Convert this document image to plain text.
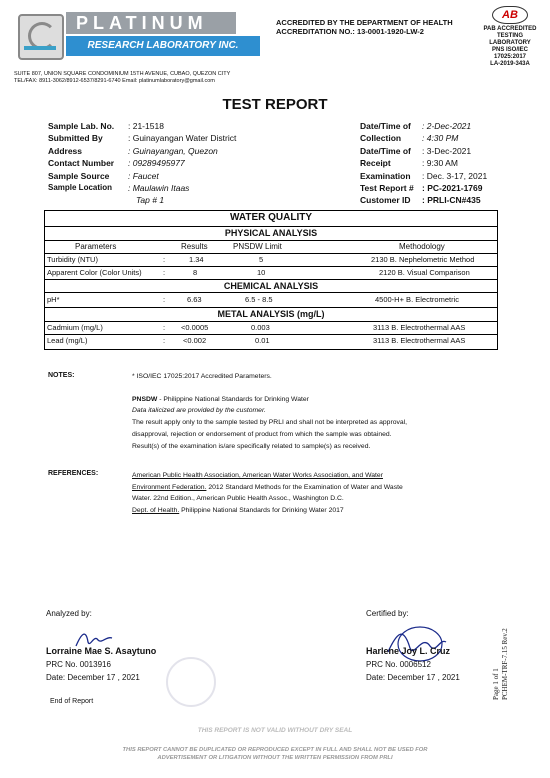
PLATINUM
RESEARCH LABORATORY INC.
ACCREDITED BY THE DEPARTMENT OF HEALTH
ACCREDITATION NO.: 13-0001-1920-LW-2
AB
PAB ACCREDITED
TESTING
LABORATORY
PNS ISO/IEC
17025:2017
LA-2019-343A
SUITE 807, UNION SQUARE CONDOMINIUM 15TH AVENUE, CUBAO, QUEZON CITY
TEL/FAX: 8911-3062/8912-6537/8291-6740 Email: platinumlaboratory@gmail.com
TEST REPORT
Sample Lab. No. : 21-1518
Submitted By	: Guinayangan Water District
Address	: Guinayangan, Quezon
Contact Number : 09289495977
Sample Source : Faucet
Sample Location : Maulawin Itaas
Tap # 1
Date/Time of : 2-Dec-2021
Collection : 4:30 PM
Date/Time of : 3-Dec-2021
Receipt	: 9:30 AM
Examination : Dec. 3-17, 2021
Test Report # : PC-2021-1769
Customer ID : PRLI-CN#435
WATER QUALITY
PHYSICAL ANALYSIS
Parameters	Results	PNSDW Limit	Methodology
Turbidity (NTU)	:	1.34	5	2130 B. Nephelometric Method
Apparent Color (Color Units)	:	8	10	2120 B. Visual Comparison
CHEMICAL ANALYSIS
pH*	:	6.63	6.5 - 8.5	4500-H+ B. Electrometric
METAL ANALYSIS (mg/L)
Cadmium (mg/L)	: <0.0005	0.003	3113 B. Electrothermal AAS
Lead (mg/L)	: <0.002	0.01	3113 B. Electrothermal AAS
NOTES:	* ISO/IEC 17025:2017 Accredited Parameters.
PNSDW - Philippine National Standards for Drinking Water
Data italicized are provided by the customer.
The result apply only to the sample tested by PRLI and shall not be interpreted as approval,
disapproval, rejection or endorsement of product from which the sample was obtained.
Result(s) of the examination is/are specifically related to sample(s) as received.
REFERENCES:	American Public Health Association, American Water Works Association, and Water
Environment Federation. 2012 Standard Methods for the Examination of Water and Waste
Water. 22nd Edition., American Public Health Assoc., Washington D.C.
Dept. of Health. Philippine National Standards for Drinking Water 2017
Analyzed by:
Lorraine Mae S. Asaytuno
PRC No. 0013916
Date: December 17 , 2021
Certified by:
Harlene Joy L. Cruz
PRC No. 0006512
Date: December 17 , 2021
End of Report
THIS REPORT IS NOT VALID WITHOUT DRY SEAL
THIS REPORT CANNOT BE DUPLICATED OR REPRODUCED EXCEPT IN FULL AND SHALL NOT BE USED FOR
ADVERTISEMENT OR LITIGATION WITHOUT THE WRITTEN PERMISSION FROM PRLI
Page 1 of 1 PCHEM-TRF-7.15 Rev.2
